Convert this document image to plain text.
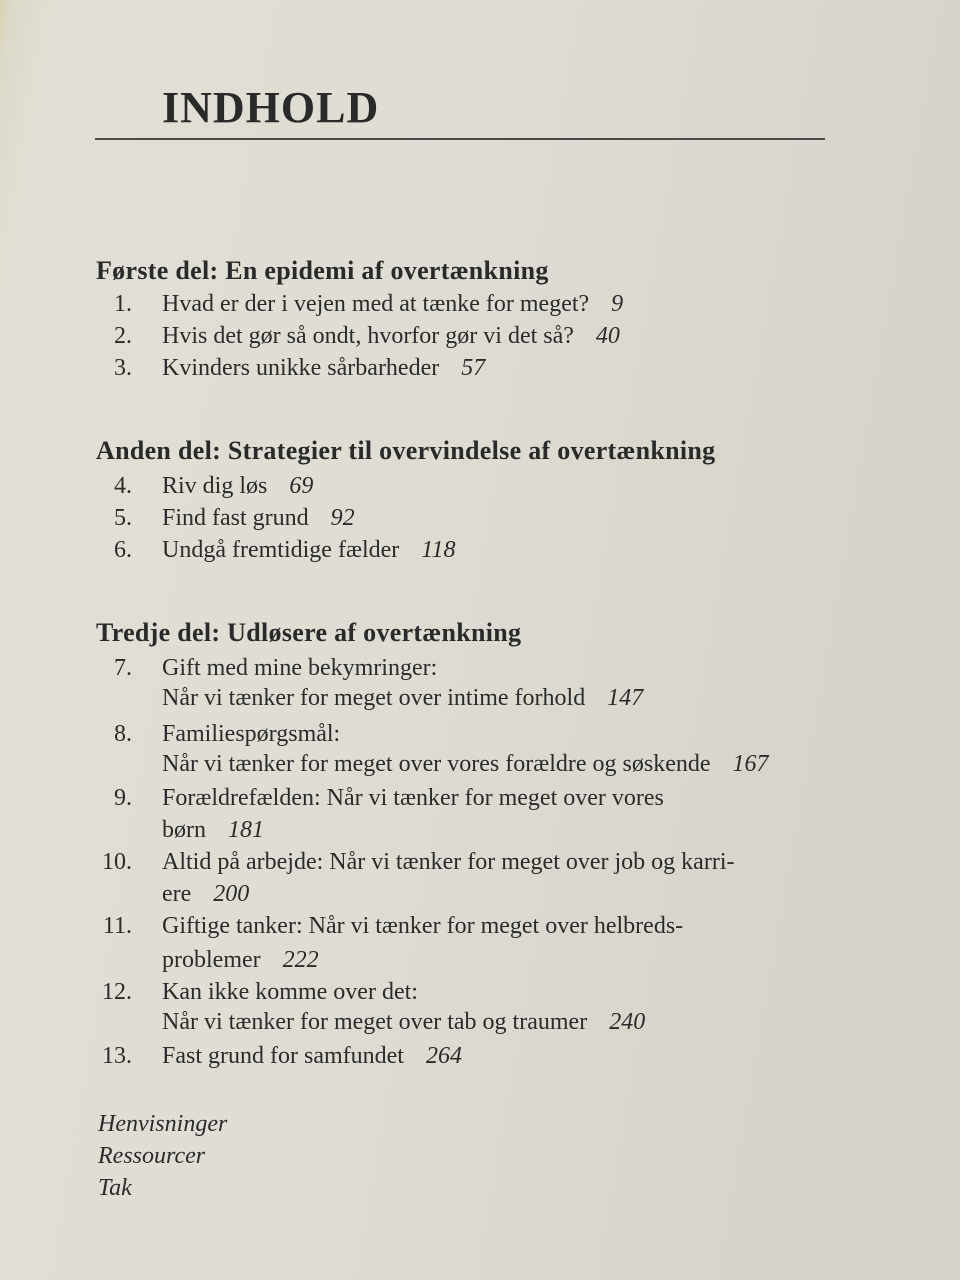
INDHOLD
Første del: En epidemi af overtænkning
1. Hvad er der i vejen med at tænke for meget? 9
2. Hvis det gør så ondt, hvorfor gør vi det så? 40
3. Kvinders unikke sårbarheder 57
Anden del: Strategier til overvindelse af overtænkning
4. Riv dig løs 69
5. Find fast grund 92
6. Undgå fremtidige fælder 118
Tredje del: Udløsere af overtænkning
7. Gift med mine bekymringer:
Når vi tænker for meget over intime forhold 147
8. Familiespørgsmål:
Når vi tænker for meget over vores forældre og søskende 167
9. Forældrefælden: Når vi tænker for meget over vores
børn 181
10. Altid på arbejde: Når vi tænker for meget over job og karri-
ere 200
11. Giftige tanker: Når vi tænker for meget over helbreds-
problemer 222
12. Kan ikke komme over det:
Når vi tænker for meget over tab og traumer 240
13. Fast grund for samfundet 264
Henvisninger
Ressourcer
Tak
